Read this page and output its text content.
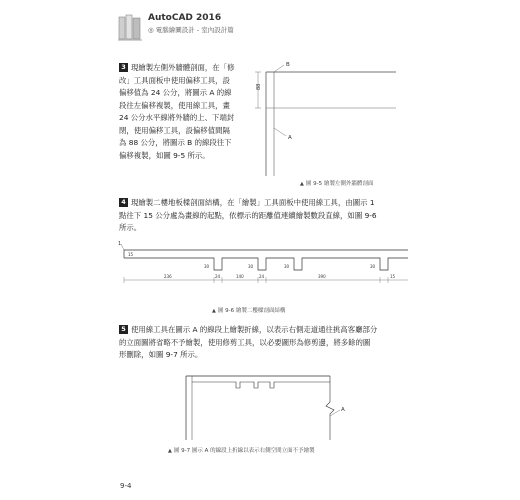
AutoCAD 2016
◎ 電腦繪圖設計 - 室內設計篇

3 現繪製左側外牆體剖面，在「修

改」工具面板中使用偏移工具，設

偏移值為 24 公分，將圖示 A 的線

段往左偏移複製，使用線工具，畫

24 公分水平線將外牆的上、下端封

閉，使用偏移工具，設偏移值間隔

為 88 公分，將圖示 B 的線段往下

偏移複製，如圖 9-5 所示。

88
B
A
▲ 圖 9-5 繪製左側外牆體剖面

4 現繪製二樓地板樑剖面結構，在「繪製」工具面板中使用線工具，由圖示 1

點往下 15 公分處為畫線的起點，依標示的距離值連續繪製數段直線，如圖 9-6

所示。

1
15
30	30	30	30
236	24	140	24	390	15
▲ 圖 9-6 繪製二樓樑剖面結構

5 使用線工具在圖示 A 的線段上繪製折線，以表示右側走道通往挑高客廳部分

的立面圖將省略不予繪製，使用修剪工具，以必要圖形為修剪邊，將多餘的圖

形刪除，如圖 9-7 所示。

A
▲ 圖 9-7 圖示 A 的線段上折線以表示右側空間立面不予繪製
9-4
